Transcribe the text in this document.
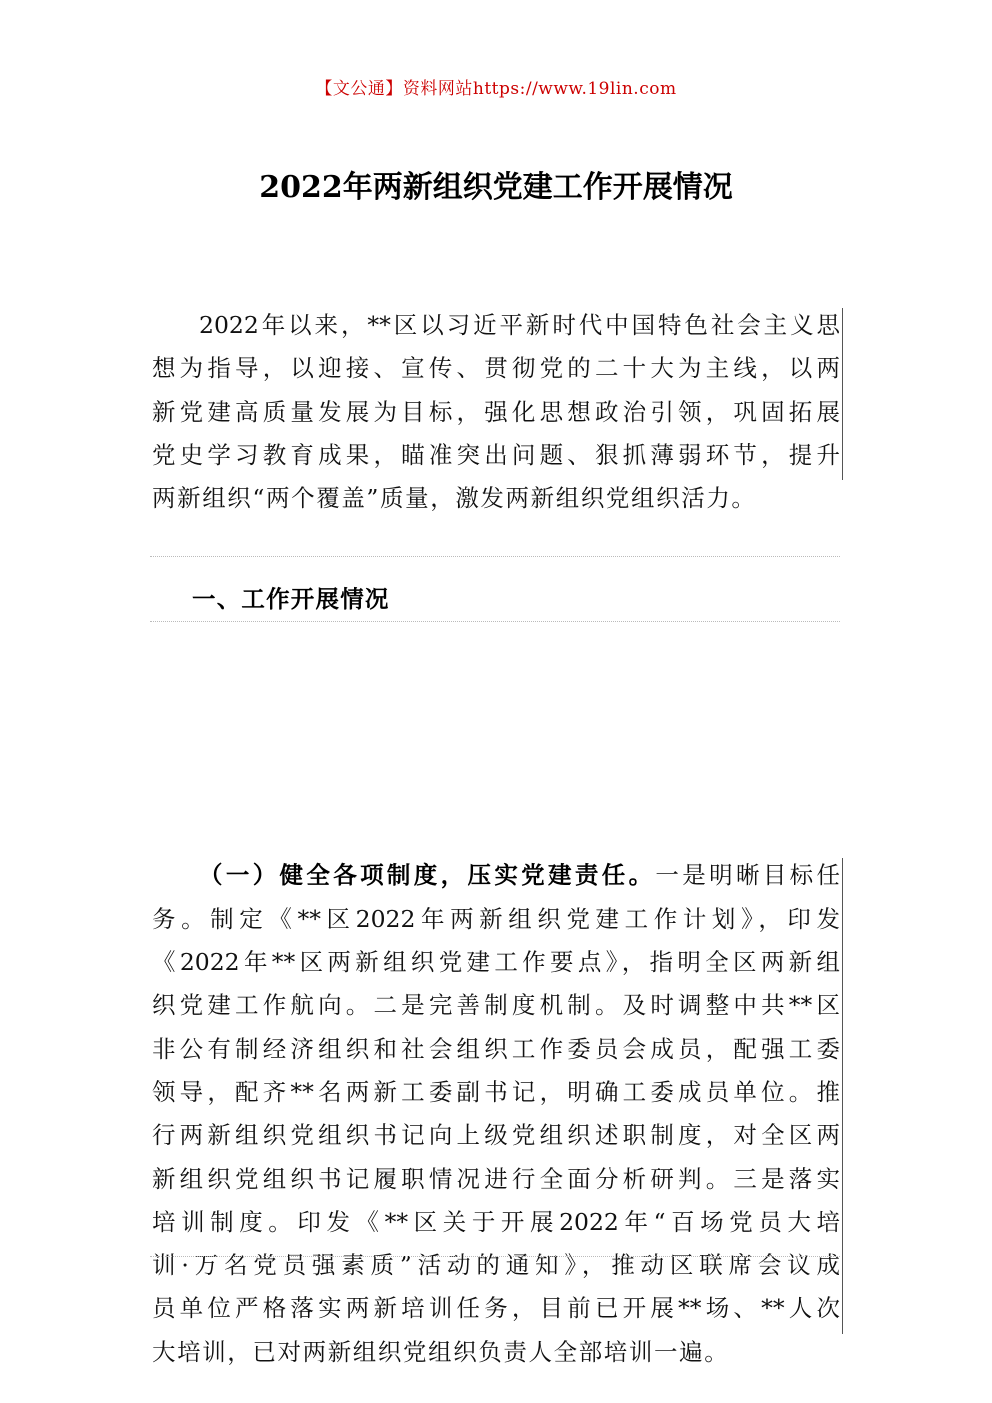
【文公通】资料网站https://www.19lin.com
2022年两新组织党建工作开展情况
2022年以来，**区以习近平新时代中国特色社会主义思
想为指导，以迎接、宣传、贯彻党的二十大为主线，以两
新党建高质量发展为目标，强化思想政治引领，巩固拓展
党史学习教育成果，瞄准突出问题、狠抓薄弱环节，提升
两新组织“两个覆盖”质量，激发两新组织党组织活力。
一、工作开展情况
（一）健全各项制度，压实党建责任。一是明晰目标任
务。制定《**区2022年两新组织党建工作计划》，印发
《2022年**区两新组织党建工作要点》，指明全区两新组
织党建工作航向。二是完善制度机制。及时调整中共**区
非公有制经济组织和社会组织工作委员会成员，配强工委
领导，配齐**名两新工委副书记，明确工委成员单位。推
行两新组织党组织书记向上级党组织述职制度，对全区两
新组织党组织书记履职情况进行全面分析研判。三是落实
培训制度。印发《**区关于开展2022年“百场党员大培
训·万名党员强素质”活动的通知》，推动区联席会议成
员单位严格落实两新培训任务，目前已开展**场、**人次
大培训，已对两新组织党组织负责人全部培训一遍。
